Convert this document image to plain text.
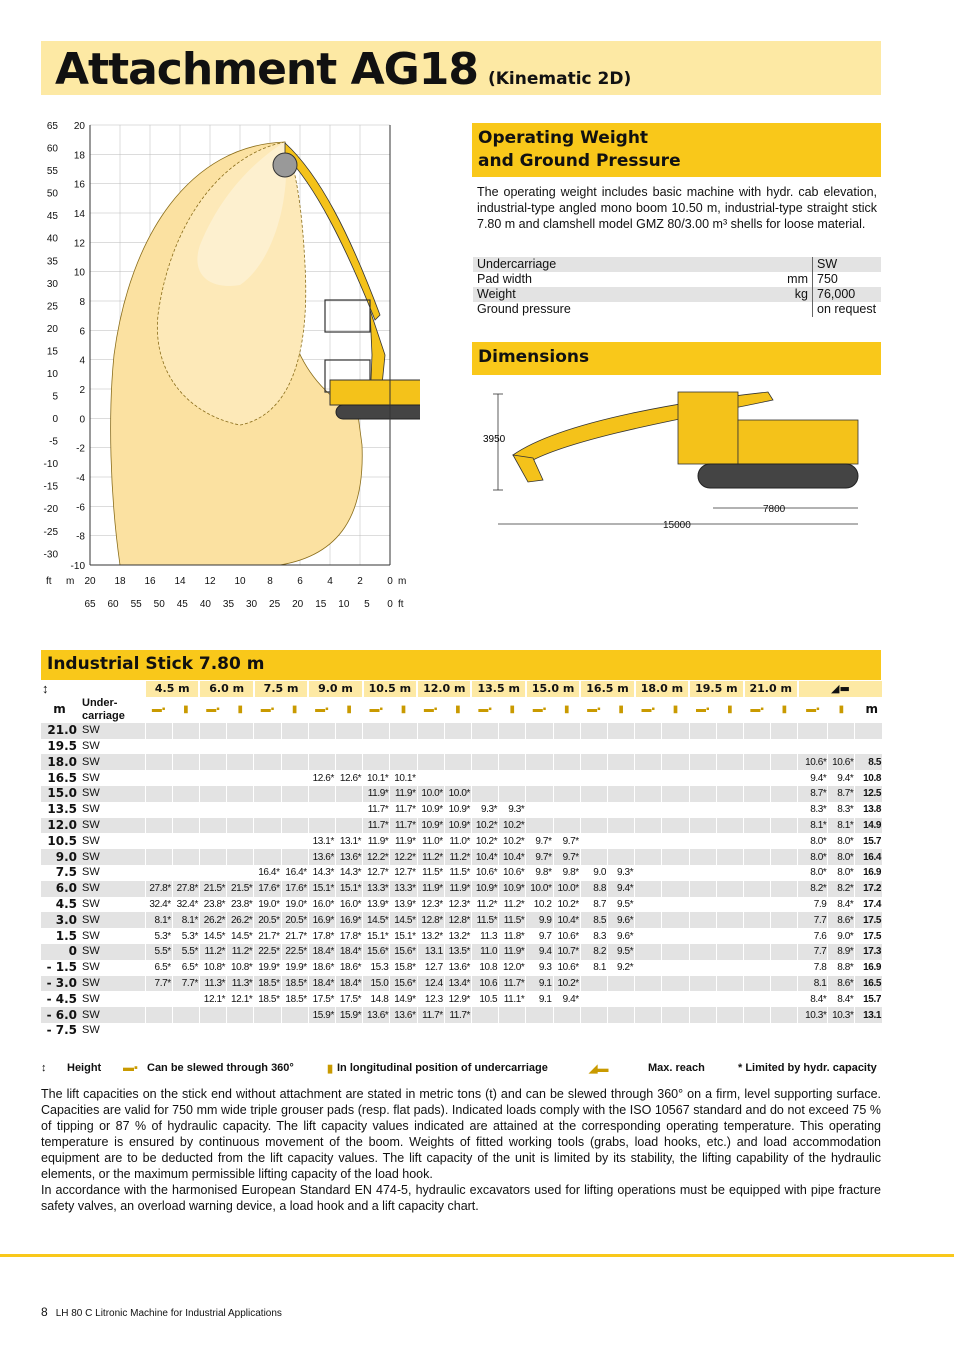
Attachment AG18 (Kinematic 2D)
65
60
55
50
45
40
35
30
25
20
15
10
5
0
-5
-10
-15
-20
-25
-30
20
18
16
14
12
10
8
6
4
2
0
-2
-4
-6
-8
-10
20 18 16 14 12 10 8 6 4 2 0
65 60 55 50 45 40 35 30 25 20 15 10 5 0
ft m	m
ft
Operating Weight
and Ground Pressure
The operating weight includes basic machine with hydr. cab elevation, industrial-type angled mono boom 10.50 m, industrial-type straight stick 7.80 m and clamshell model GMZ 80/3.00 m³ shells for loose material.
Undercarriage		SW
Pad width	mm	750
Weight	kg	76,000
Ground pressure		on request
Dimensions
3950
7800
15000
Industrial Stick 7.80 m
↕		4.5 m		6.0 m		7.5 m		9.0 m		10.5 m		12.0 m		13.5 m		15.0 m		16.5 m		18.0 m		19.5 m		21.0 m		◢▬		
m	Under-
carriage	▬▪	▮	▬▪	▮	▬▪	▮	▬▪	▮	▬▪	▮	▬▪	▮	▬▪	▮	▬▪	▮	▬▪	▮	▬▪	▮	▬▪	▮	▬▪	▮	▬▪	▮	m
21.0	SW																											
19.5	SW																											
18.0	SW																									10.6*	10.6*	8.5
16.5	SW							12.6*	12.6*	10.1*	10.1*															9.4*	9.4*	10.8
15.0	SW									11.9*	11.9*	10.0*	10.0*													8.7*	8.7*	12.5
13.5	SW									11.7*	11.7*	10.9*	10.9*	9.3*	9.3*											8.3*	8.3*	13.8
12.0	SW									11.7*	11.7*	10.9*	10.9*	10.2*	10.2*											8.1*	8.1*	14.9
10.5	SW							13.1*	13.1*	11.9*	11.9*	11.0*	11.0*	10.2*	10.2*	9.7*	9.7*									8.0*	8.0*	15.7
9.0	SW							13.6*	13.6*	12.2*	12.2*	11.2*	11.2*	10.4*	10.4*	9.7*	9.7*									8.0*	8.0*	16.4
7.5	SW					16.4*	16.4*	14.3*	14.3*	12.7*	12.7*	11.5*	11.5*	10.6*	10.6*	9.8*	9.8*	9.0	9.3*							8.0*	8.0*	16.9
6.0	SW	27.8*	27.8*	21.5*	21.5*	17.6*	17.6*	15.1*	15.1*	13.3*	13.3*	11.9*	11.9*	10.9*	10.9*	10.0*	10.0*	8.8	9.4*							8.2*	8.2*	17.2
4.5	SW	32.4*	32.4*	23.8*	23.8*	19.0*	19.0*	16.0*	16.0*	13.9*	13.9*	12.3*	12.3*	11.2*	11.2*	10.2	10.2*	8.7	9.5*							7.9	8.4*	17.4
3.0	SW	8.1*	8.1*	26.2*	26.2*	20.5*	20.5*	16.9*	16.9*	14.5*	14.5*	12.8*	12.8*	11.5*	11.5*	9.9	10.4*	8.5	9.6*							7.7	8.6*	17.5
1.5	SW	5.3*	5.3*	14.5*	14.5*	21.7*	21.7*	17.8*	17.8*	15.1*	15.1*	13.2*	13.2*	11.3	11.8*	9.7	10.6*	8.3	9.6*							7.6	9.0*	17.5
0	SW	5.5*	5.5*	11.2*	11.2*	22.5*	22.5*	18.4*	18.4*	15.6*	15.6*	13.1	13.5*	11.0	11.9*	9.4	10.7*	8.2	9.5*							7.7	8.9*	17.3
- 1.5	SW	6.5*	6.5*	10.8*	10.8*	19.9*	19.9*	18.6*	18.6*	15.3	15.8*	12.7	13.6*	10.8	12.0*	9.3	10.6*	8.1	9.2*							7.8	8.8*	16.9
- 3.0	SW	7.7*	7.7*	11.3*	11.3*	18.5*	18.5*	18.4*	18.4*	15.0	15.6*	12.4	13.4*	10.6	11.7*	9.1	10.2*									8.1	8.6*	16.5
- 4.5	SW			12.1*	12.1*	18.5*	18.5*	17.5*	17.5*	14.8	14.9*	12.3	12.9*	10.5	11.1*	9.1	9.4*									8.4*	8.4*	15.7
- 6.0	SW							15.9*	15.9*	13.6*	13.6*	11.7*	11.7*													10.3*	10.3*	13.1
- 7.5	SW																											
↕ Height ▬▪ Can be slewed through 360°	▮ In longitudinal position of undercarriage	◢▬	Max. reach	* Limited by hydr. capacity
The lift capacities on the stick end without attachment are stated in metric tons (t) and can be slewed through 360° on a firm, level supporting surface. Capacities are valid for 750 mm wide triple grouser pads (resp. flat pads). Indicated loads comply with the ISO 10567 standard and do not exceed 75 % of tipping or 87 % of hydraulic capacity. The lift capacity values indicated are attained at the corresponding operating temperature. This operating temperature is ensured by continuous movement of the boom. Weights of fitted working tools (grabs, load hooks, etc.) and load accommodation equipment are to be deducted from the lift capacity values. The lift capacity of the unit is limited by its stability, the lifting capability of the hydraulic elements, or the maximum permissible lifting capacity of the load hook.
In accordance with the harmonised European Standard EN 474-5, hydraulic excavators used for lifting operations must be equipped with pipe fracture safety valves, an overload warning device, a load hook and a lift capacity chart.
8 LH 80 C Litronic Machine for Industrial Applications
